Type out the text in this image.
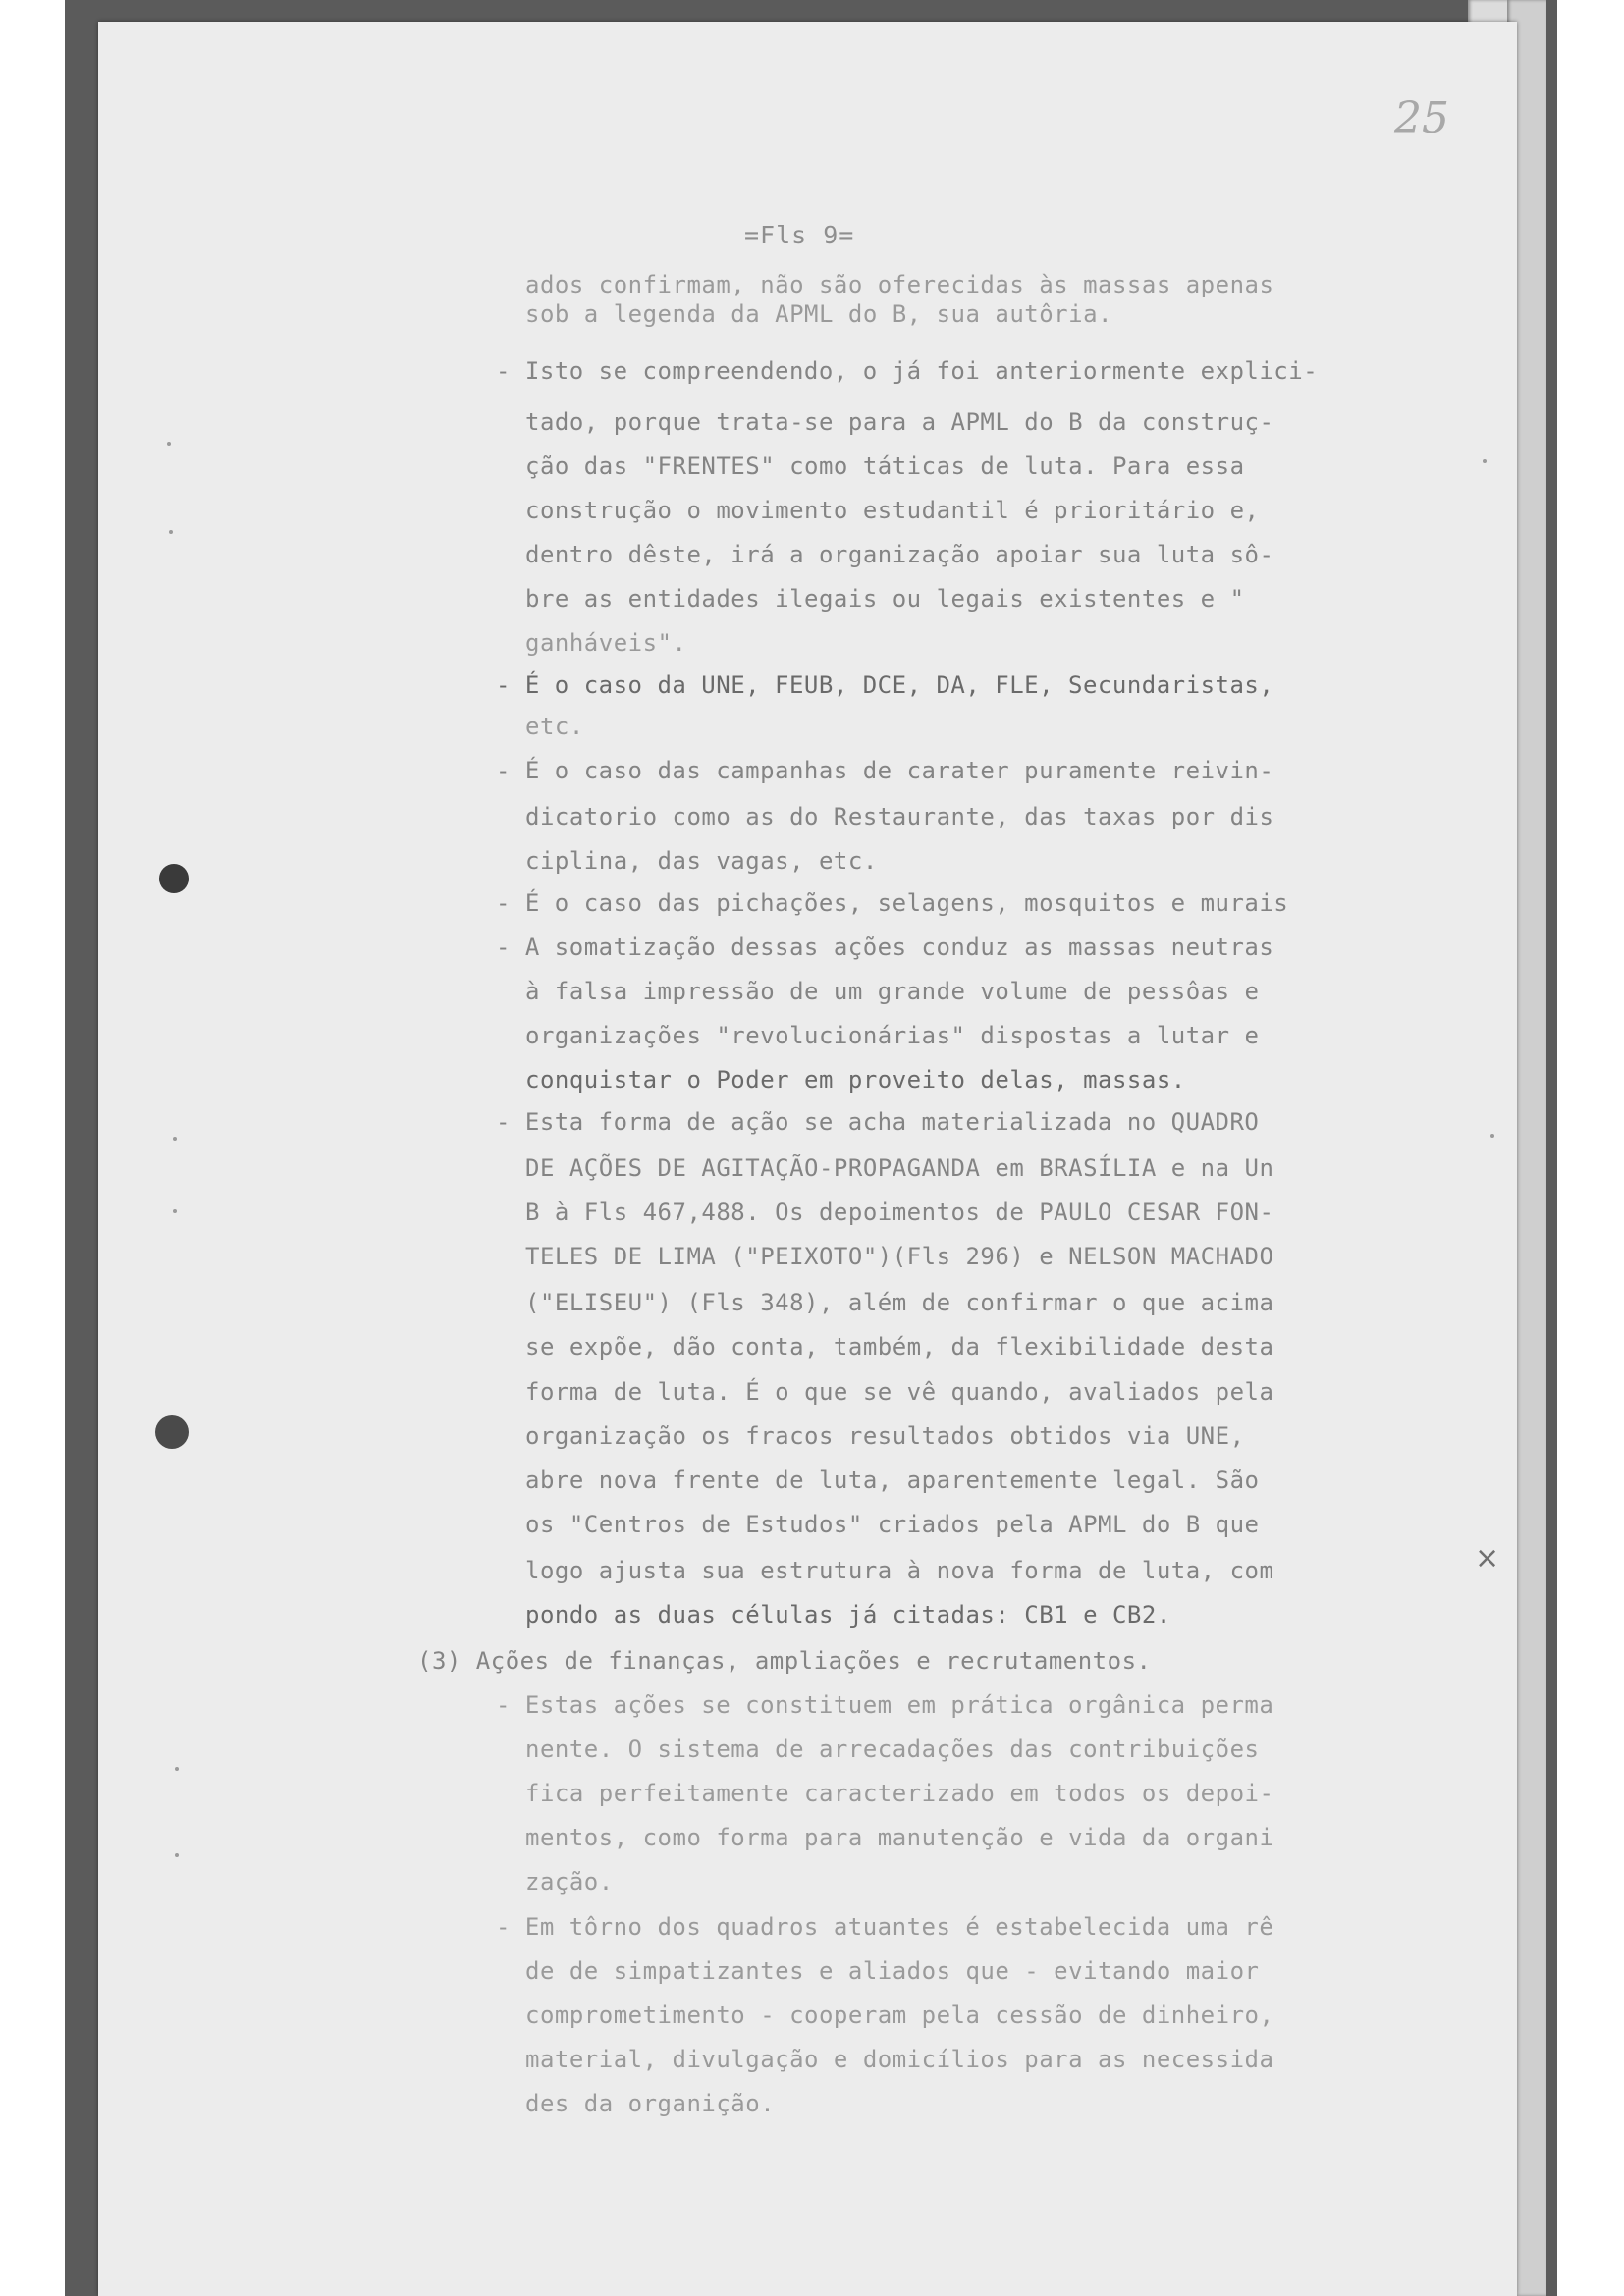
25
×
=Fls 9=
ados confirmam, não são oferecidas às massas apenas
sob a legenda da APML do B, sua autôria.
- Isto se compreendendo, o já foi anteriormente explici-
tado, porque trata-se para a APML do B da construç-
ção das "FRENTES" como táticas de luta. Para essa
construção o movimento estudantil é prioritário e,
dentro dêste, irá a organização apoiar sua luta sô-
bre as entidades ilegais ou legais existentes e "
ganháveis".
- É o caso da UNE, FEUB, DCE, DA, FLE, Secundaristas,
etc.
- É o caso das campanhas de carater puramente reivin-
dicatorio como as do Restaurante, das taxas por dis
ciplina, das vagas, etc.
- É o caso das pichações, selagens, mosquitos e murais
- A somatização dessas ações conduz as massas neutras
à falsa impressão de um grande volume de pessôas e
organizações "revolucionárias" dispostas a lutar e
conquistar o Poder em proveito delas, massas.
- Esta forma de ação se acha materializada no QUADRO
DE AÇÕES DE AGITAÇÃO-PROPAGANDA em BRASÍLIA e na Un
B à Fls 467,488. Os depoimentos de PAULO CESAR FON-
TELES DE LIMA ("PEIXOTO")(Fls 296) e NELSON MACHADO
("ELISEU") (Fls 348), além de confirmar o que acima
se expõe, dão conta, também, da flexibilidade desta
forma de luta. É o que se vê quando, avaliados pela
organização os fracos resultados obtidos via UNE,
abre nova frente de luta, aparentemente legal. São
os "Centros de Estudos" criados pela APML do B que
logo ajusta sua estrutura à nova forma de luta, com
pondo as duas células já citadas: CB1 e CB2.
(3) Ações de finanças, ampliações e recrutamentos.
- Estas ações se constituem em prática orgânica perma
nente. O sistema de arrecadações das contribuições
fica perfeitamente caracterizado em todos os depoi-
mentos, como forma para manutenção e vida da organi
zação.
- Em tôrno dos quadros atuantes é estabelecida uma rê
de de simpatizantes e aliados que - evitando maior
comprometimento - cooperam pela cessão de dinheiro,
material, divulgação e domicílios para as necessida
des da organição.
